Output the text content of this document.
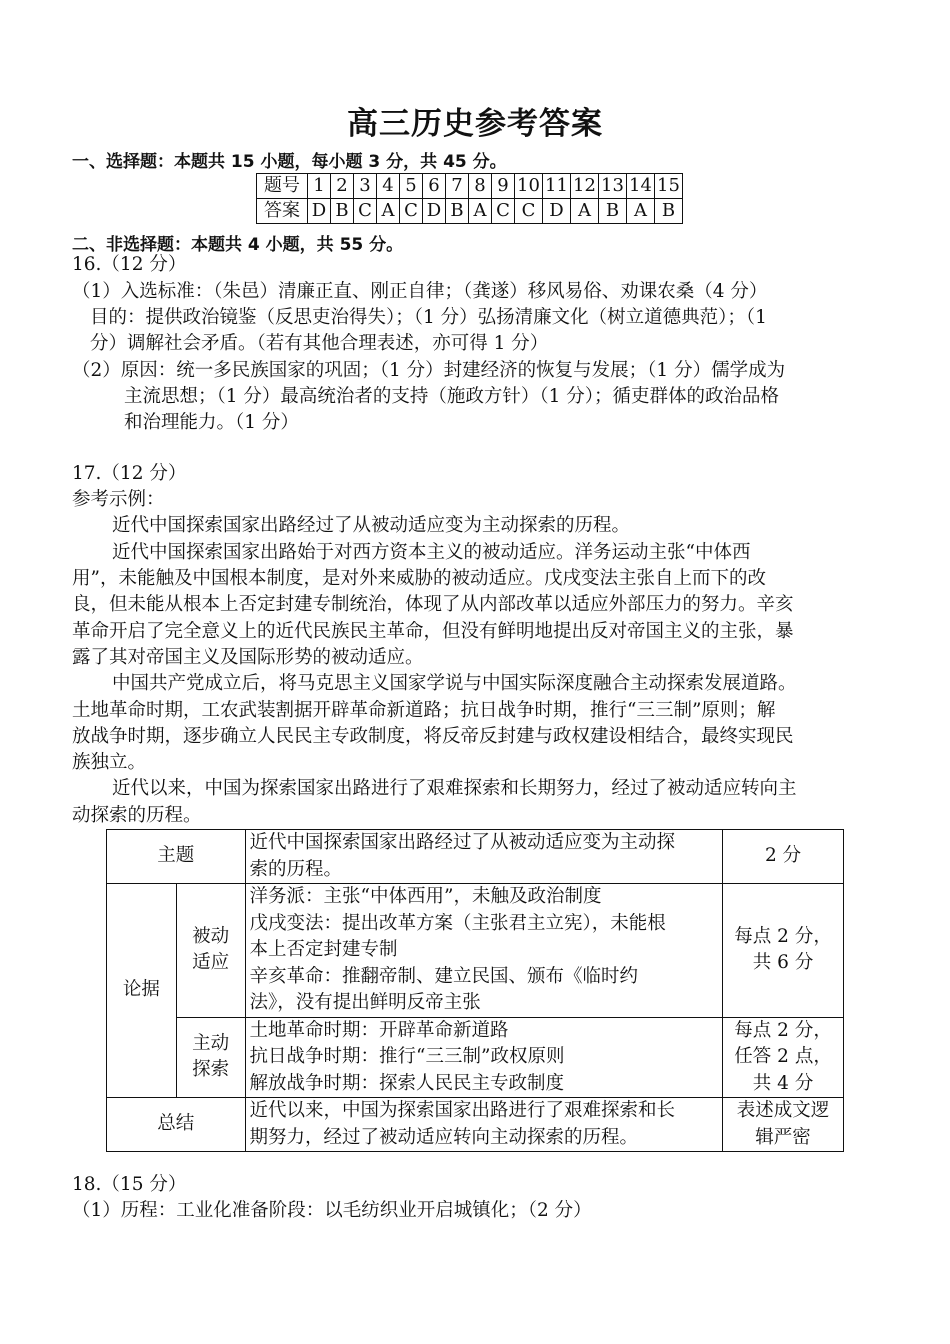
高三历史参考答案
一、选择题：本题共 15 小题，每小题 3 分，共 45 分。
题号	1	2	3	4	5	6	7	8	9	10	11	12	13	14	15
答案	D	B	C	A	C	D	B	A	C	C	D	A	B	A	B
二、非选择题：本题共 4 小题，共 55 分。
16.（12 分）
（1）入选标准：（朱邑）清廉正直、刚正自律；（龚遂）移风易俗、劝课农桑（4 分）
目的：提供政治镜鉴（反思吏治得失）；（1 分）弘扬清廉文化（树立道德典范）；（1
分）调解社会矛盾。（若有其他合理表述，亦可得 1 分）
（2）原因：统一多民族国家的巩固；（1 分）封建经济的恢复与发展；（1 分）儒学成为
主流思想；（1 分）最高统治者的支持（施政方针）（1 分）；循吏群体的政治品格
和治理能力。（1 分）
17.（12 分）
参考示例：
近代中国探索国家出路经过了从被动适应变为主动探索的历程。
近代中国探索国家出路始于对西方资本主义的被动适应。洋务运动主张“中体西
用”，未能触及中国根本制度，是对外来威胁的被动适应。戊戌变法主张自上而下的改
良，但未能从根本上否定封建专制统治，体现了从内部改革以适应外部压力的努力。辛亥
革命开启了完全意义上的近代民族民主革命，但没有鲜明地提出反对帝国主义的主张，暴
露了其对帝国主义及国际形势的被动适应。
中国共产党成立后，将马克思主义国家学说与中国实际深度融合主动探索发展道路。
土地革命时期，工农武装割据开辟革命新道路；抗日战争时期，推行“三三制”原则；解
放战争时期，逐步确立人民民主专政制度，将反帝反封建与政权建设相结合，最终实现民
族独立。
近代以来，中国为探索国家出路进行了艰难探索和长期努力，经过了被动适应转向主
动探索的历程。
主题		近代中国探索国家出路经过了从被动适应变为主动探
索的历程。	2 分
论据	被动
适应	洋务派：主张“中体西用”，未触及政治制度
戊戌变法：提出改革方案（主张君主立宪），未能根
本上否定封建专制
辛亥革命：推翻帝制、建立民国、颁布《临时约
法》，没有提出鲜明反帝主张	每点 2 分，
共 6 分

	主动
探索	土地革命时期：开辟革命新道路
抗日战争时期：推行“三三制”政权原则
解放战争时期：探索人民民主专政制度	每点 2 分，
任答 2 点，
共 4 分

总结		近代以来，中国为探索国家出路进行了艰难探索和长
期努力，经过了被动适应转向主动探索的历程。	表述成文逻
辑严密
18.（15 分）
（1）历程：工业化准备阶段：以毛纺织业开启城镇化；（2 分）
